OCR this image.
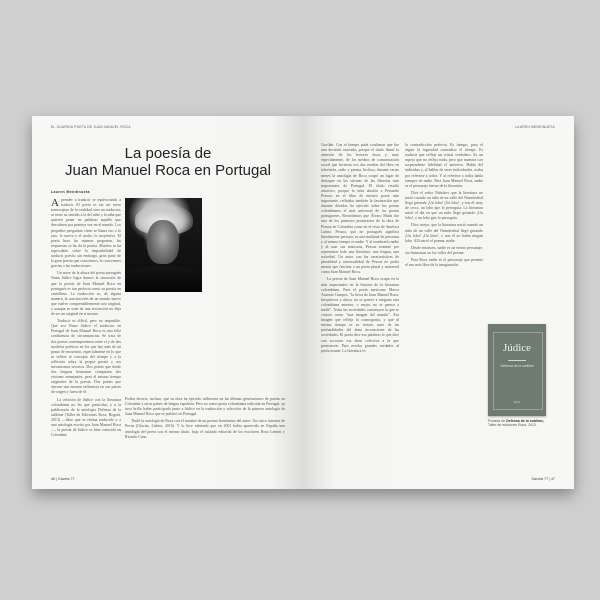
EL GUARDIA POETA DE JUAN MANUEL ROCA
La poesía de
Juan Manuel Roca en Portugal
Lauren Mendinueta

Aprender a traducir se equivocando a traducir. El poeta es sin ser mero transcriptor de la realidad sino un traductor, se tiene su sentido a la del niño y la niña que quieren poner en palabras aquello que descubren por primera vez en el mundo. Los pequeños preguntan cómo se llama eso o lo otro, lo nuevo y el asalto, lo sorpresivo. El poeta hace las mismas preguntas, las respuestas se las da la poesía. Muchos se ha especulado sobre la imposibilidad de traducir poesía; sin embargo, gran parte de la gran poesía que conocemos, la conocemos gracias a las traducciones.

Un autor de la altura del poeta portugués Nuno Júdice logra darnos la sensación de que la poesía de Juan Manuel Roca en portugués es tan perfecta como su poesía en castellano. La traducción es, de alguna manera, la construcción de un mundo nuevo que vuelve comprensiblemente otro original, y aunque se trate de una recreación no deja de ser un original en sí mismo.

Traducir es difícil, pero no imposible. Que sea Nuno Júdice el traductor en Portugal de Juan Manuel Roca es una feliz confluencia de circunstancias. Se trata de dos poetas contemporáneos entre sí y de dos modelos poéticos en los que hay más de un punto de encuentro, especialmente en lo que se refiere al concepto del tiempo y a la reflexión sobre la propia poesía y sus mecanismos secretos. Dos poetas que desde dos lenguas hermanas comparten dos visiones semejantes, pero al mismo tiempo originales de la poesía. Dos poetas que ejercen una enorme influencia en sus países de origen y fuera de él.

La relación de Júdice con la literatura colombiana no les que particular, y a la publicación de la antología Defensa de la sublime (Taller de Ediciones Roca, Bogotá, 2013) —libro que se estima traducido y a una antología escrito por Juan Manuel Roca—, la poesía de Júdice es bien conocida en Colombia.

Podría decirse, incluso, que su obra ha ejercido influencia en las últimas generaciones de poetas en Colombia y otros países de lengua española. Pero no como poeta colombiana radicada en Portugal, ya tuvo brillo haber participado junto a Júdice en la traducción y selección de la primera antología de Juan Manuel Roca que se publicó en Portugal.

Titulé la antología de Roca con el nombre de un poema homónimo del autor: Un cinco internos de Pevas (Glaciar, Lisboa, 2016). Y lo hice sabiendo que en 2001 había aparecido en España una antología del poeta con el mismo título, bajo el cuidado editorial de los escritores Rosa Lentini y Ricardo Cano

46 | Gaceta 77
LAUREN MENDINUETA

Gavilán. Con el tiempo pude confirmar que fue una decisión acertada, porque el título llamó la atención de los lectores lusos y, muy especialmente, de los medios de comunicación social que hicieron eco das reseñas del libro en televisión, radio y prensa. Incluso, durante varias meses la antología de Roca ocupó un lugar de destaque en las vitrinas de las librerías más importantes de Portugal. El título resultó atractivo, porque la ruda alusión a Ferrando Pessoa, en el libro de nuestro poeta más importante, reflejaba también la fascinación que durante décadas ha ejercido sobre los poetas colombianos el más universal de los poetas portugueses. Recordemos que Álvaro Mutis fue uno de los primeros promotores de la obra de Pessoa en Colombia como en el resto de América Latina. Pessoa, que no portugués significa literalmente persona, es una multitud de personas y al mismo tiempo es nadie. Y al nombrarlo nadie y al usar sus máscaras, Pessoa terminó por representar toda una literatura, una lengua, una sociedad. Un autor con las características de pluralidad y universalidad de Pessoa no podía menos que fascinar a un poeta plural y universal como Juan Manuel Roca.

La poesía de Juan Manuel Roca ocupa en la más importantes en la historia de la literatura colombiana. Para el poeta mexicano Marco Antonio Campos, "la lírica de Juan Manuel Roca, inequívoca y única, no se parece a ninguna otra colombiana anterior, o mejor, no se parece a nadie". Todas las sociedades construyen lo que se conoce como "una imagen del mundo". Esa imagen que refleja la cosmogonía, y que al mismo tiempo es su retrato, nace de las profundidades del alma inconsciente de las sociedades. El poeta dice esa palabras lo que dice con acciones esa alma colectiva a la que pertenecen. Para revelar grandes verdades al poeta asume. La literatura es

la contradicción perfecta. Es tiempo, para el seguir la fugacidad contradice el tiempo. Es traducir que refleja un cristal verdadero. Es un espejo que no refleja nada, pero que muestra con sorprendente fidelidad el universo. Habla del individuo y, al hablar de seres individuales, acaba por referirse a todos. Y al referirse a todos habla siempre de nadie. Para Juan Manuel Roca, nadie es el personaje eterno de la literatura.

Dice el señor Nabokov que la literatura no nació cuando un niño de un valle del Neanderthal llegó gritando ¡Un lobo! ¡Un lobo!, y tras él, muy de cerca, un lobo que lo perseguía. La literatura nació el día en que un niño llegó gritando ¡Un lobo!, y un lobo gris lo perseguía.

Dice, mejor, que la literatura nació cuando un niño de un valle del Neanderthal llegó gritando ¡Un lobo! ¡Un lobo!, y tras él no había ningún lobo. Allí nació el poema, nadie.

Desde entonces, nadie es un eterno personaje, sin fantasmas en los valles del poema.

Para Roca nadie es el personaje que permite el uso más libre de la imaginación.

Júdice
Defensa de lo sublime
Roca
Portada de Defensa de lo sublime, Taller de ediciones Roca, 2013.
Gaceta 77 | 47
